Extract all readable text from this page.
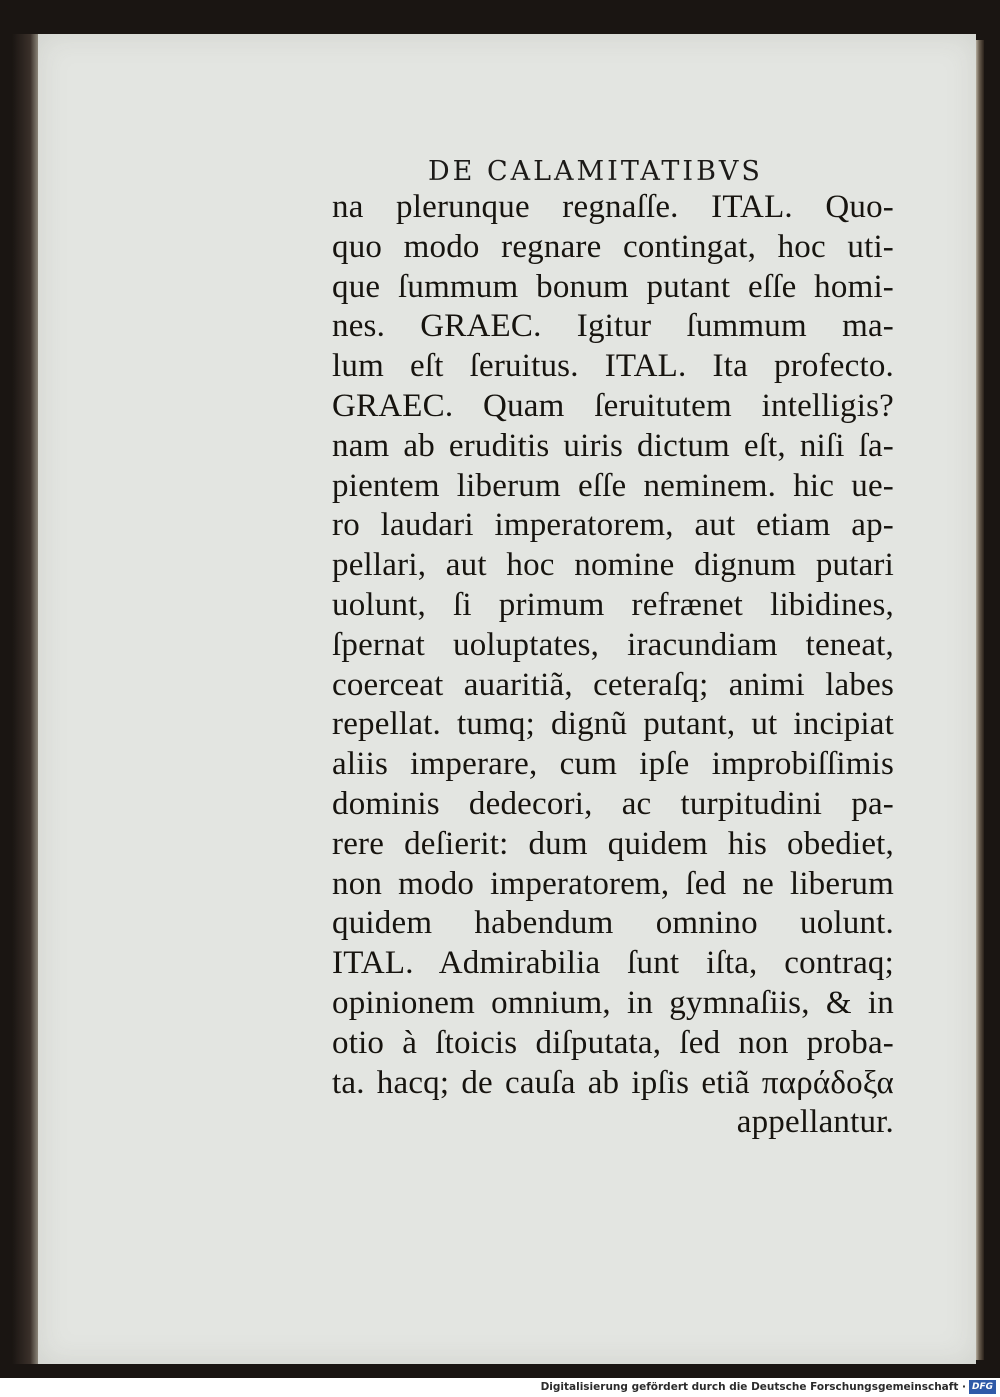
DE CALAMITATIBVS
na plerunque regnaſſe. ITAL. Quo-
quo modo regnare contingat, hoc uti-
que ſummum bonum putant eſſe homi-
nes. GRAEC. Igitur ſummum ma-
lum eſt ſeruitus. ITAL. Ita profecto.
GRAEC. Quam ſeruitutem intelligis?
nam ab eruditis uiris dictum eſt, niſi ſa-
pientem liberum eſſe neminem. hic ue-
ro laudari imperatorem, aut etiam ap-
pellari, aut hoc nomine dignum putari
uolunt, ſi primum refrænet libidines,
ſpernat uoluptates, iracundiam teneat,
coerceat auaritiã, ceteraſq; animi labes
repellat. tumq; dignũ putant, ut incipiat
aliis imperare, cum ipſe improbiſſimis
dominis dedecori, ac turpitudini pa-
rere deſierit: dum quidem his obediet,
non modo imperatorem, ſed ne liberum
quidem habendum omnino uolunt.
ITAL. Admirabilia ſunt iſta, contraq;
opinionem omnium, in gymnaſiis, & in
otio à ſtoicis diſputata, ſed non proba-
ta. hacq; de cauſa ab ipſis etiã παράδοξα
appellantur.
Digitalisierung gefördert durch die Deutsche Forschungsgemeinschaft · DFG
